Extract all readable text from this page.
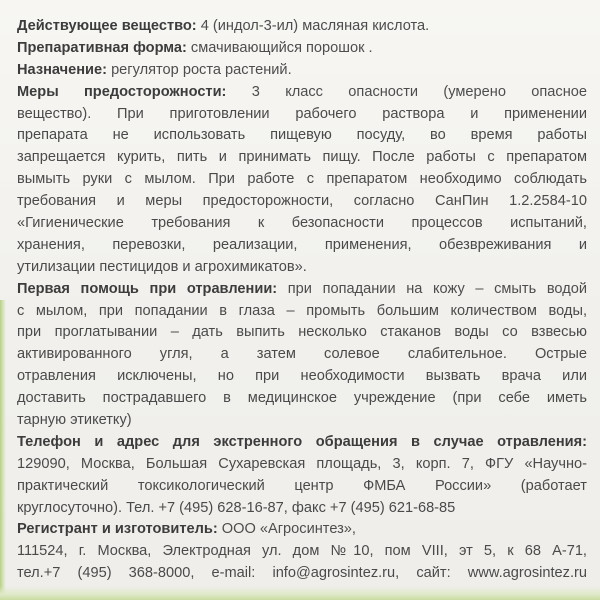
Действующее вещество: 4 (индол-3-ил) масляная кислота.
Препаративная форма: смачивающийся порошок .
Назначение: регулятор роста растений.
Меры предосторожности: 3 класс опасности (умерено опасное
вещество). При приготовлении рабочего раствора и применении
препарата не использовать пищевую посуду, во время работы
запрещается курить, пить и принимать пищу. После работы с препаратом
вымыть руки с мылом. При работе с препаратом необходимо соблюдать
требования и меры предосторожности, согласно СанПин 1.2.2584-10
«Гигиенические требования к безопасности процессов испытаний,
хранения, перевозки, реализации, применения, обезвреживания и
утилизации пестицидов и агрохимикатов».
Первая помощь при отравлении: при попадании на кожу – смыть водой
с мылом, при попадании в глаза – промыть большим количеством воды,
при проглатывании – дать выпить несколько стаканов воды со взвесью
активированного угля, а затем солевое слабительное. Острые
отравления исключены, но при необходимости вызвать врача или
доставить пострадавшего в медицинское учреждение (при себе иметь
тарную этикетку)
Телефон и адрес для экстренного обращения в случае отравления:
129090, Москва, Большая Сухаревская площадь, 3, корп. 7, ФГУ «Научно-
практический токсикологический центр ФМБА России» (работает
круглосуточно). Тел. +7 (495) 628-16-87, факс +7 (495) 621-68-85
Регистрант и изготовитель: ООО «Агросинтез»,
111524, г. Москва, Электродная ул. дом №10, пом VIII, эт 5, к 68 А-71,
тел.+7 (495) 368-8000, e-mail: info@agrosintez.ru, сайт: www.agrosintez.ru
